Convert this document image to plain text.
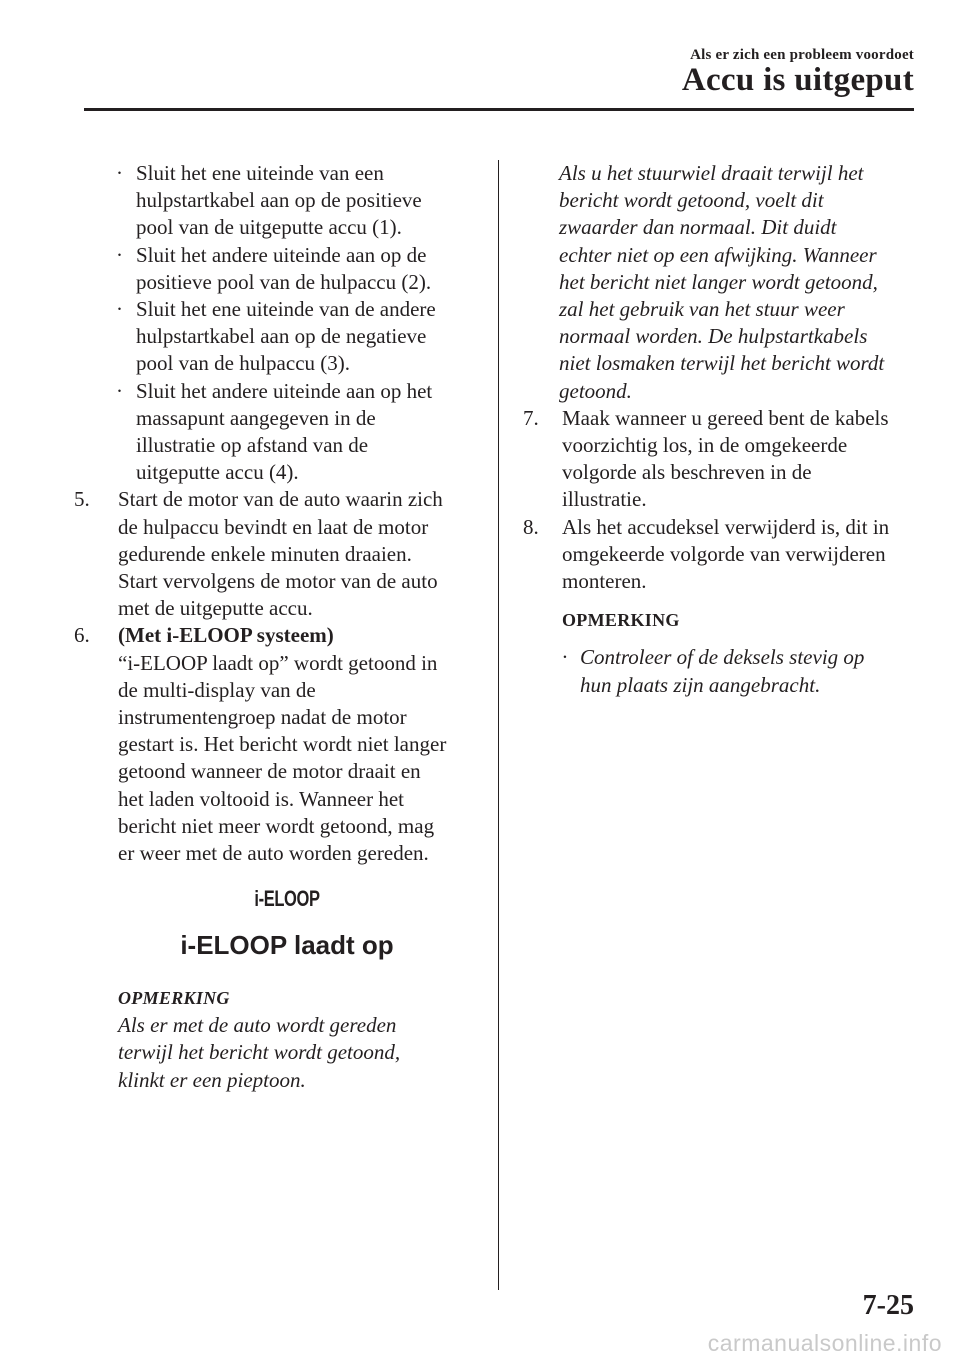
Als er zich een probleem voordoet
Accu is uitgeput
· Sluit het ene uiteinde van een
hulpstartkabel aan op de positieve
pool van de uitgeputte accu (1).
· Sluit het andere uiteinde aan op de
positieve pool van de hulpaccu (2).
· Sluit het ene uiteinde van de andere
hulpstartkabel aan op de negatieve
pool van de hulpaccu (3).
· Sluit het andere uiteinde aan op het
massapunt aangegeven in de
illustratie op afstand van de
uitgeputte accu (4).
5. Start de motor van de auto waarin zich
de hulpaccu bevindt en laat de motor
gedurende enkele minuten draaien.
Start vervolgens de motor van de auto
met de uitgeputte accu.
6. (Met i-ELOOP systeem)
“i-ELOOP laadt op” wordt getoond in
de multi-display van de
instrumentengroep nadat de motor
gestart is. Het bericht wordt niet langer
getoond wanneer de motor draait en
het laden voltooid is. Wanneer het
bericht niet meer wordt getoond, mag
er weer met de auto worden gereden.
i-ELOOP
i-ELOOP laadt op
OPMERKING
Als er met de auto wordt gereden
terwijl het bericht wordt getoond,
klinkt er een pieptoon.
Als u het stuurwiel draait terwijl het
bericht wordt getoond, voelt dit
zwaarder dan normaal. Dit duidt
echter niet op een afwijking. Wanneer
het bericht niet langer wordt getoond,
zal het gebruik van het stuur weer
normaal worden. De hulpstartkabels
niet losmaken terwijl het bericht wordt
getoond.
7. Maak wanneer u gereed bent de kabels
voorzichtig los, in de omgekeerde
volgorde als beschreven in de
illustratie.
8. Als het accudeksel verwijderd is, dit in
omgekeerde volgorde van verwijderen
monteren.
OPMERKING
· Controleer of de deksels stevig op
hun plaats zijn aangebracht.
7-25
carmanualsonline.info
